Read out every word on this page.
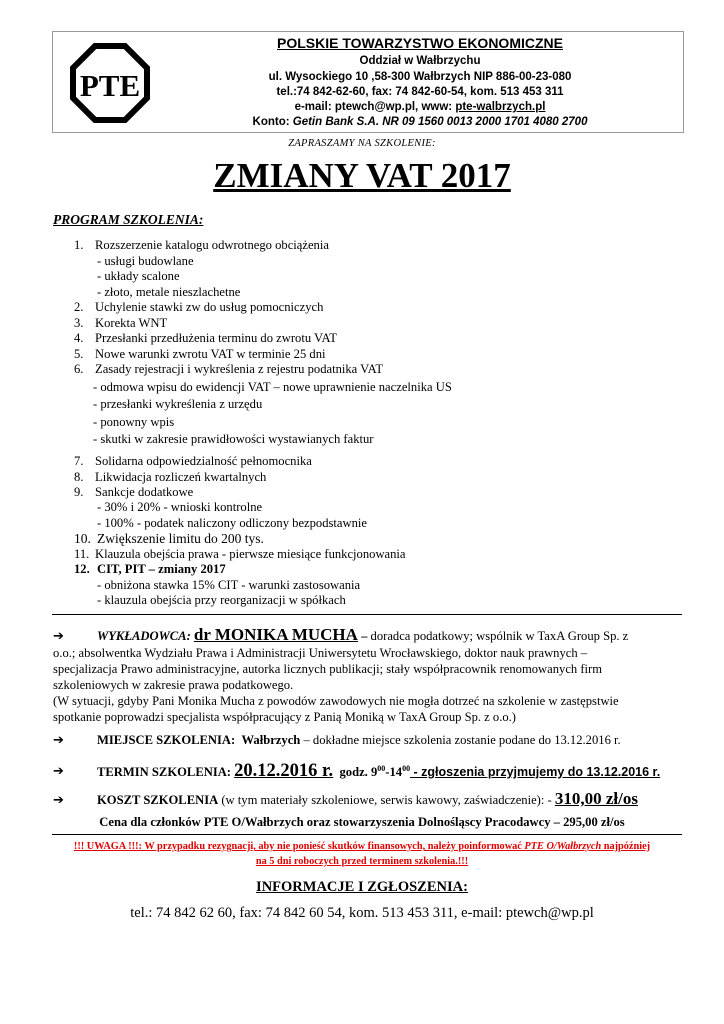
PTE
POLSKIE TOWARZYSTWO EKONOMICZNE
Oddział w Wałbrzychu
ul. Wysockiego 10 ,58-300 Wałbrzych NIP 886-00-23-080
tel.:74 842-62-60, fax: 74 842-60-54, kom. 513 453 311
e-mail: ptewch@wp.pl, www: pte-walbrzych.pl
Konto: Getin Bank S.A. NR 09 1560 0013 2000 1701 4080 2700
ZAPRASZAMY NA SZKOLENIE:
ZMIANY VAT 2017
PROGRAM SZKOLENIA:
1. Rozszerzenie katalogu odwrotnego obciążenia
- usługi budowlane
- układy scalone
- złoto, metale nieszlachetne
2. Uchylenie stawki zw do usług pomocniczych
3. Korekta WNT
4. Przesłanki przedłużenia terminu do zwrotu VAT
5. Nowe warunki zwrotu VAT w terminie 25 dni
6. Zasady rejestracji i wykreślenia z rejestru podatnika VAT
- odmowa wpisu do ewidencji VAT – nowe uprawnienie naczelnika US
- przesłanki wykreślenia z urzędu
- ponowny wpis
- skutki w zakresie prawidłowości wystawianych faktur
7. Solidarna odpowiedzialność pełnomocnika
8. Likwidacja rozliczeń kwartalnych
9. Sankcje dodatkowe
- 30% i 20% - wnioski kontrolne
- 100% - podatek naliczony odliczony bezpodstawnie
10. Zwiększenie limitu do 200 tys.
11. Klauzula obejścia prawa - pierwsze miesiące funkcjonowania
12. CIT, PIT – zmiany 2017
- obniżona stawka 15% CIT - warunki zastosowania
- klauzula obejścia przy reorganizacji w spółkach
➔	WYKŁADOWCA: dr MONIKA MUCHA – doradca podatkowy; wspólnik w TaxA Group Sp. z
o.o.; absolwentka Wydziału Prawa i Administracji Uniwersytetu Wrocławskiego, doktor nauk prawnych –
specjalizacja Prawo administracyjne, autorka licznych publikacji; stały współpracownik renomowanych firm
szkoleniowych w zakresie prawa podatkowego.
(W sytuacji, gdyby Pani Monika Mucha z powodów zawodowych nie mogła dotrzeć na szkolenie w zastępstwie
spotkanie poprowadzi specjalista współpracujący z Panią Moniką w TaxA Group Sp. z o.o.)
➔	MIEJSCE SZKOLENIA: Wałbrzych – dokładne miejsce szkolenia zostanie podane do 13.12.2016 r.
➔	TERMIN SZKOLENIA: 20.12.2016 r. godz. $9^{00}-14^{00}$ - zgłoszenia przyjmujemy do 13.12.2016 r.
➔	KOSZT SZKOLENIA (w tym materiały szkoleniowe, serwis kawowy, zaświadczenie): - 310,00 zł/os
Cena dla członków PTE O/Wałbrzych oraz stowarzyszenia Dolnośląscy Pracodawcy – 295,00 zł/os
!!! UWAGA !!!: W przypadku rezygnacji, aby nie ponieść skutków finansowych, należy poinformować PTE O/Wałbrzych najpóźniej
na 5 dni roboczych przed terminem szkolenia.!!!
INFORMACJE I ZGŁOSZENIA:
tel.: 74 842 62 60, fax: 74 842 60 54, kom. 513 453 311, e-mail: ptewch@wp.pl
